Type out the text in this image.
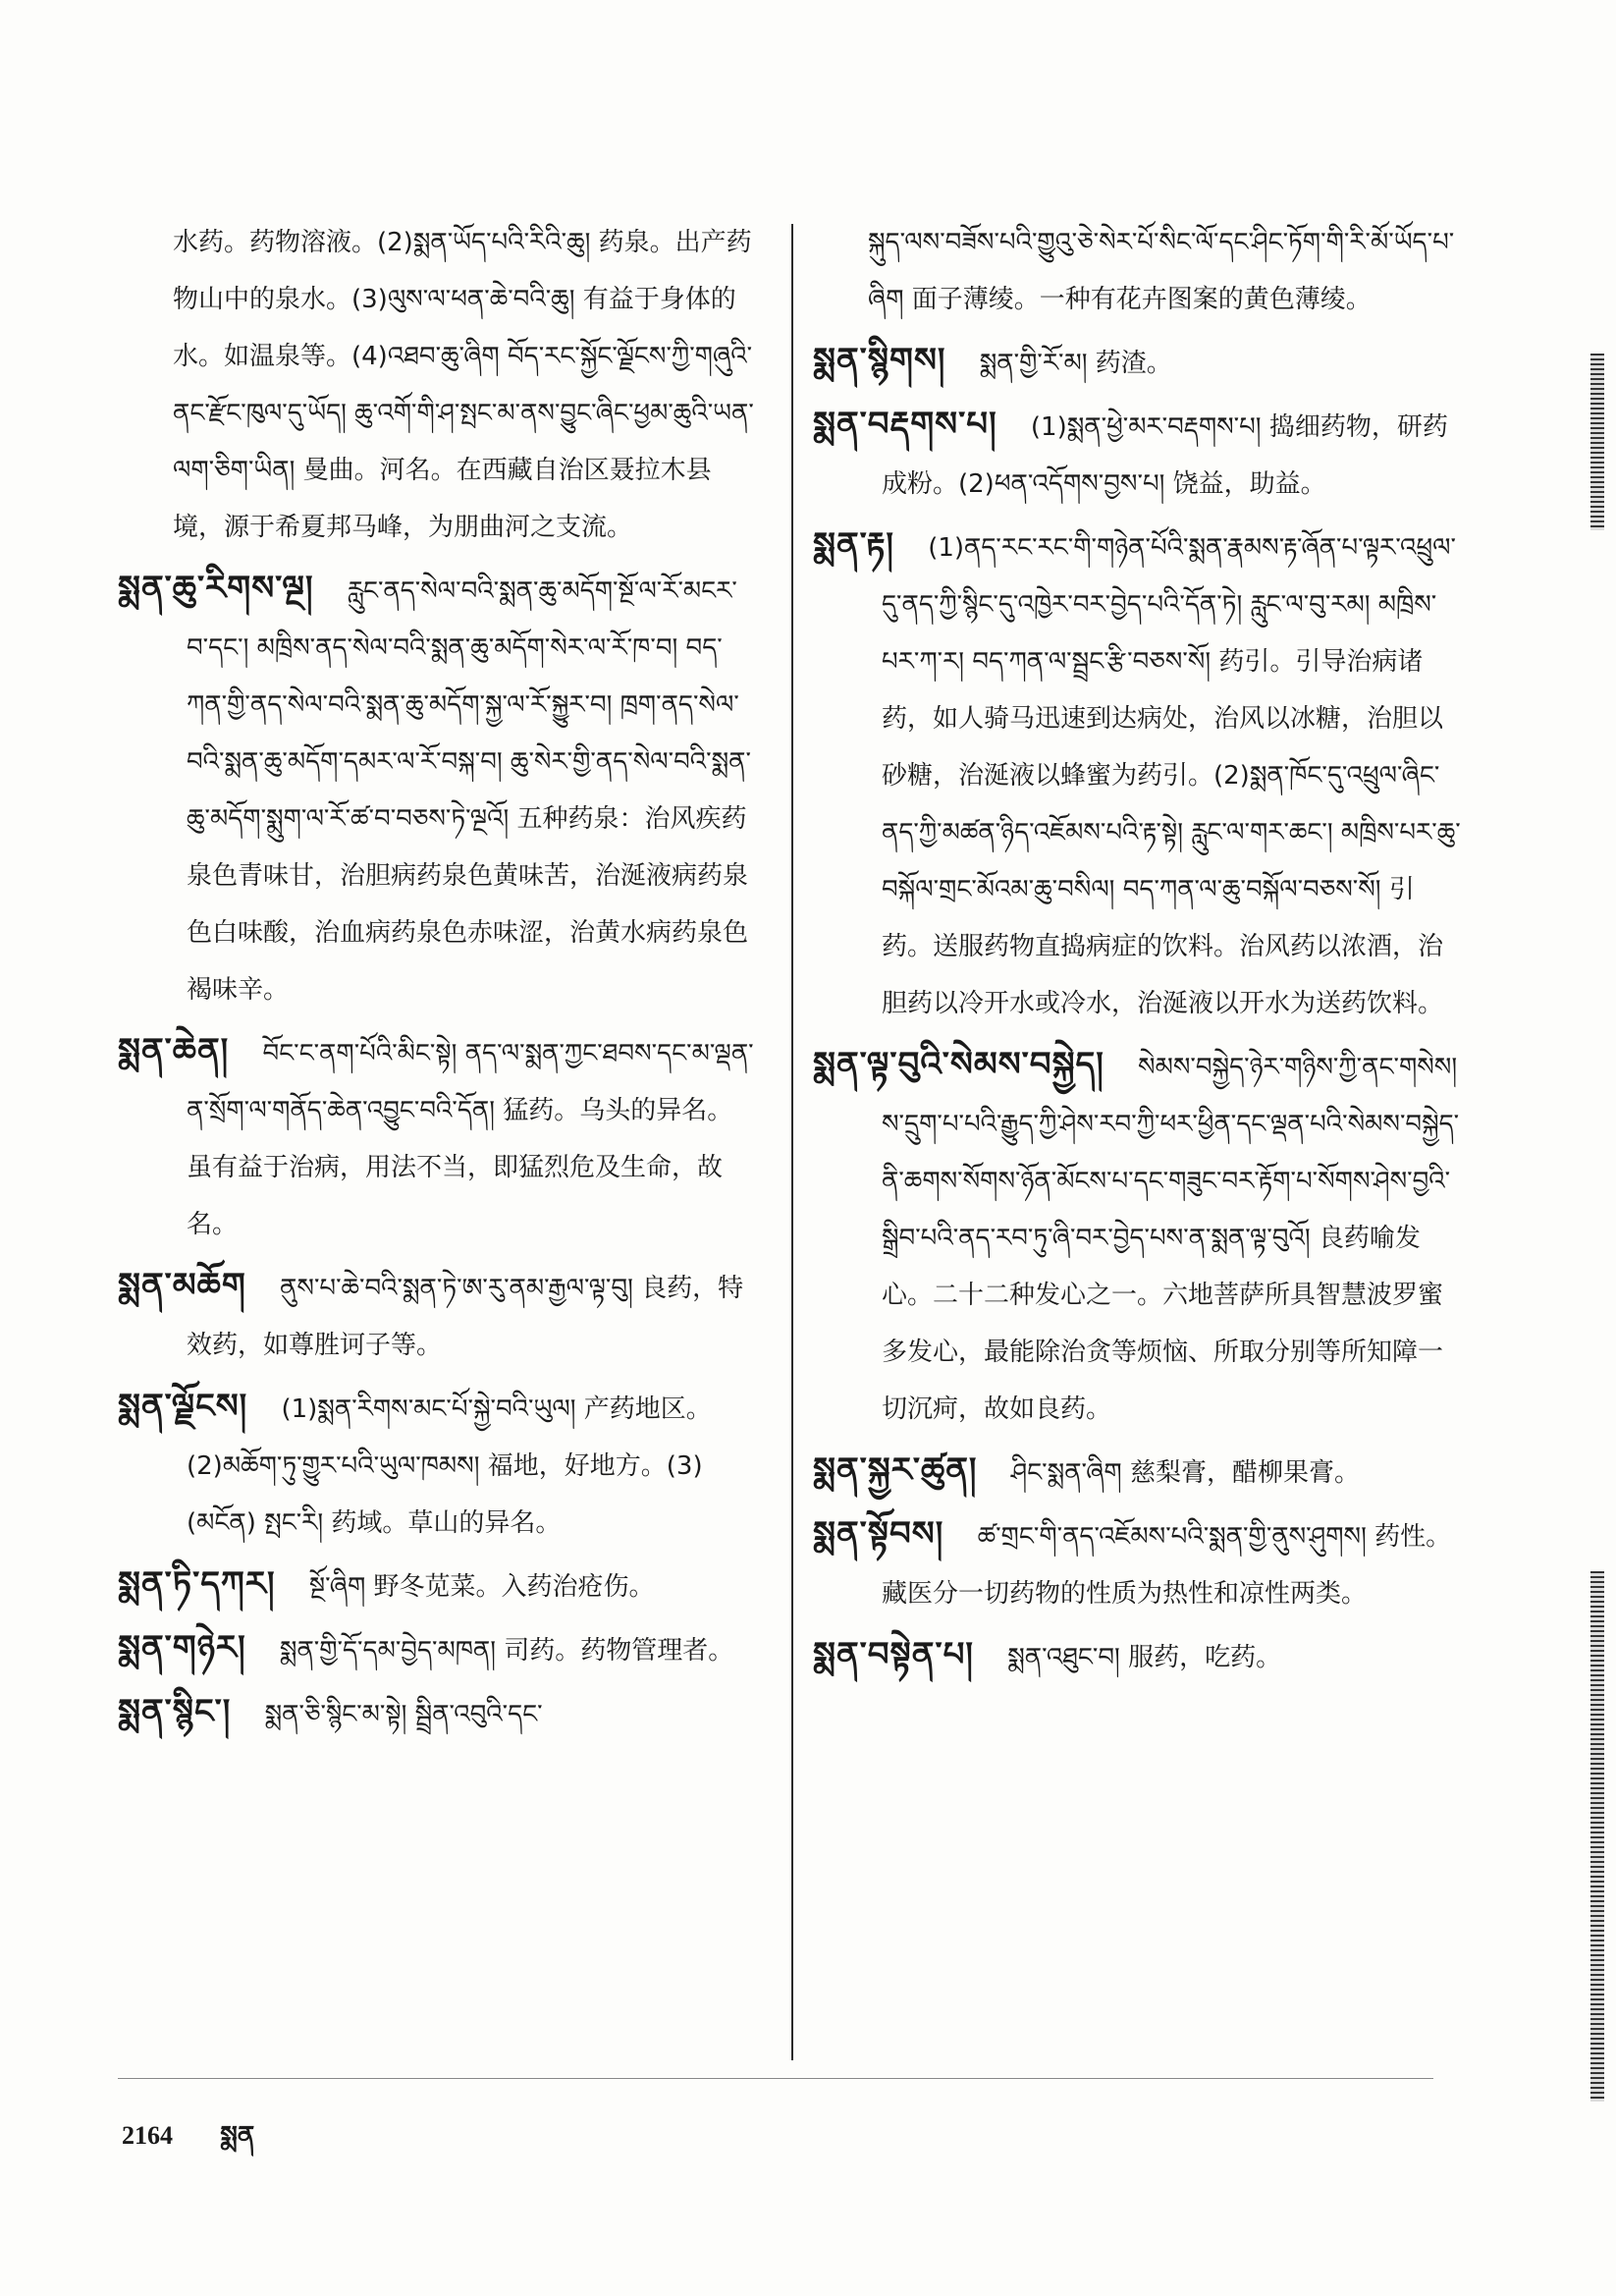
水药。药物溶液。(2)སྨན་ཡོད་པའི་རིའི་ཆུ། 药泉。出产药物山中的泉水。(3)ལུས་ལ་ཕན་ཆེ་བའི་ཆུ། 有益于身体的水。如温泉等。(4)འཐབ་ཆུ་ཞིག བོད་རང་སྐྱོང་ལྗོངས་ཀྱི་གཞུའི་ནང་རྫོང་ཁུལ་དུ་ཡོད། ཆུ་འགོ་གི་ཤ་སྤང་མ་ནས་བྱུང་ཞིང་ཕྱམ་ཆུའི་ཡན་ལག་ཅིག་ཡིན། 曼曲。河名。在西藏自治区聂拉木县境，源于希夏邦马峰，为朋曲河之支流。

སྨན་ཆུ་རིགས་ལྔ། རླུང་ནད་སེལ་བའི་སྨན་ཆུ་མདོག་སྔོ་ལ་རོ་མངར་བ་དང་། མཁྲིས་ནད་སེལ་བའི་སྨན་ཆུ་མདོག་སེར་ལ་རོ་ཁ་བ། བད་ཀན་གྱི་ནད་སེལ་བའི་སྨན་ཆུ་མདོག་སྐྱ་ལ་རོ་སྐྱུར་བ། ཁྲག་ནད་སེལ་བའི་སྨན་ཆུ་མདོག་དམར་ལ་རོ་བསྐ་བ། ཆུ་སེར་གྱི་ནད་སེལ་བའི་སྨན་ཆུ་མདོག་སྨུག་ལ་རོ་ཚ་བ་བཅས་ཏེ་ལྔའོ། 五种药泉：治风疾药泉色青味甘，治胆病药泉色黄味苦，治涎液病药泉色白味酸，治血病药泉色赤味涩，治黄水病药泉色褐味辛。

སྨན་ཆེན། བོང་ང་ནག་པོའི་མིང་སྟེ། ནད་ལ་སྨན་ཀྱང་ཐབས་དང་མ་ལྡན་ན་སྲོག་ལ་གནོད་ཆེན་འབྱུང་བའི་དོན། 猛药。乌头的异名。虽有益于治病，用法不当，即猛烈危及生命，故名。

སྨན་མཆོག ནུས་པ་ཆེ་བའི་སྨན་ཏེ་ཨ་རུ་ནམ་རྒྱལ་ལྟ་བུ། 良药，特效药，如尊胜诃子等。

སྨན་ལྗོངས། (1)སྨན་རིགས་མང་པོ་སྐྱེ་བའི་ཡུལ། 产药地区。(2)མཆོག་ཏུ་གྱུར་པའི་ཡུལ་ཁམས། 福地，好地方。(3)(མངོན) སྤང་རི། 药域。草山的异名。

སྨན་ཏི་དཀར། སྔོ་ཞིག 野冬苋菜。入药治疮伤。

སྨན་གཉེར། སྨན་གྱི་དོ་དམ་བྱེད་མཁན། 司药。药物管理者。

སྨན་སྙིང་། སྨན་ཅི་སྙིང་མ་སྟེ། སྦྲིན་འབུའི་དང་

སྐུད་ལས་བཟོས་པའི་གྱུའུ་ཅེ་སེར་པོ་སིང་ལོ་དང་ཤིང་ཏོག་གི་རི་མོ་ཡོད་པ་ཞིག 面子薄绫。一种有花卉图案的黄色薄绫。

སྨན་སྙིགས། སྨན་གྱི་རོ་མ། 药渣。

སྨན་བརྡགས་པ། (1)སྨན་ཕྱེ་མར་བརྡགས་པ། 捣细药物，研药成粉。(2)ཕན་འདོགས་བྱས་པ། 饶益，助益。

སྨན་རྟ། (1)ནད་རང་རང་གི་གཉེན་པོའི་སྨན་རྣམས་རྟ་ཞོན་པ་ལྟར་འཕྲུལ་དུ་ནད་ཀྱི་སྙིང་དུ་འཁྱེར་བར་བྱེད་པའི་དོན་ཏེ། རླུང་ལ་བུ་རམ། མཁྲིས་པར་ཀ་ར། བད་ཀན་ལ་སྦྲང་རྩི་བཅས་སོ། 药引。引导治病诸药，如人骑马迅速到达病处，治风以冰糖，治胆以砂糖，治涎液以蜂蜜为药引。(2)སྨན་ཁོང་དུ་འཕྲུལ་ཞིང་ནད་ཀྱི་མཚན་ཉིད་འཇོམས་པའི་རྟ་སྟེ། རླུང་ལ་གར་ཆང་། མཁྲིས་པར་ཆུ་བསྐོལ་གྲང་མོའམ་ཆུ་བསིལ། བད་ཀན་ལ་ཆུ་བསྐོལ་བཅས་སོ། 引药。送服药物直捣病症的饮料。治风药以浓酒，治胆药以冷开水或冷水，治涎液以开水为送药饮料。

སྨན་ལྟ་བུའི་སེམས་བསྐྱེད། སེམས་བསྐྱེད་ཉེར་གཉིས་ཀྱི་ནང་གསེས། ས་དྲུག་པ་པའི་རྒྱུད་ཀྱི་ཤེས་རབ་ཀྱི་ཕར་ཕྱིན་དང་ལྡན་པའི་སེམས་བསྐྱེད་ནི་ཆགས་སོགས་ཉོན་མོངས་པ་དང་གཟུང་བར་རྟོག་པ་སོགས་ཤེས་བྱའི་སྒྲིབ་པའི་ནད་རབ་ཏུ་ཞི་བར་བྱེད་པས་ན་སྨན་ལྟ་བུའོ། 良药喻发心。二十二种发心之一。六地菩萨所具智慧波罗蜜多发心，最能除治贪等烦恼、所取分别等所知障一切沉疴，故如良药。

སྨན་སྐྱར་ཚུན། ཤིང་སྨན་ཞིག 慈梨膏，醋柳果膏。

སྨན་སྟོབས། ཚ་གྲང་གི་ནད་འཇོམས་པའི་སྨན་གྱི་ནུས་ཤུགས། 药性。藏医分一切药物的性质为热性和凉性两类。

སྨན་བསྟེན་པ། སྨན་འཐུང་བ། 服药，吃药。

2164 སྨན
